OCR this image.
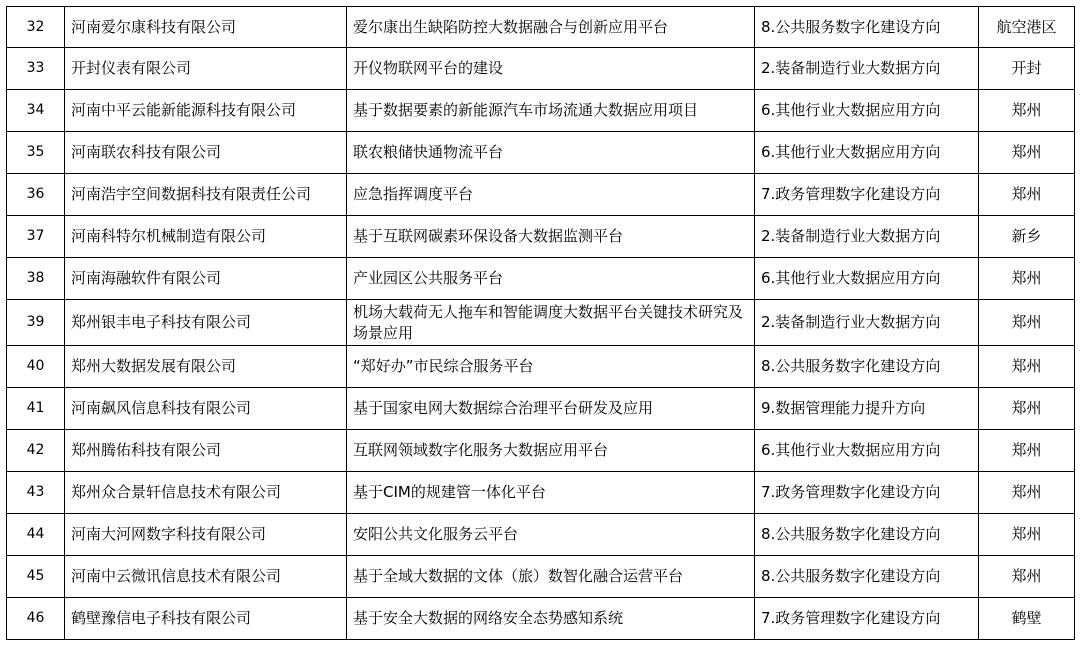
32	河南爱尔康科技有限公司	爱尔康出生缺陷防控大数据融合与创新应用平台	8.公共服务数字化建设方向	航空港区
33	开封仪表有限公司	开仪物联网平台的建设	2.装备制造行业大数据方向	开封
34	河南中平云能新能源科技有限公司	基于数据要素的新能源汽车市场流通大数据应用项目	6.其他行业大数据应用方向	郑州
35	河南联农科技有限公司	联农粮储快通物流平台	6.其他行业大数据应用方向	郑州
36	河南浩宇空间数据科技有限责任公司	应急指挥调度平台	7.政务管理数字化建设方向	郑州
37	河南科特尔机械制造有限公司	基于互联网碳素环保设备大数据监测平台	2.装备制造行业大数据方向	新乡
38	河南海融软件有限公司	产业园区公共服务平台	6.其他行业大数据应用方向	郑州
39	郑州银丰电子科技有限公司	机场大载荷无人拖车和智能调度大数据平台关键技术研究及场景应用	2.装备制造行业大数据方向	郑州
40	郑州大数据发展有限公司	“郑好办”市民综合服务平台	8.公共服务数字化建设方向	郑州
41	河南飙风信息科技有限公司	基于国家电网大数据综合治理平台研发及应用	9.数据管理能力提升方向	郑州
42	郑州腾佑科技有限公司	互联网领域数字化服务大数据应用平台	6.其他行业大数据应用方向	郑州
43	郑州众合景轩信息技术有限公司	基于CIM的规建管一体化平台	7.政务管理数字化建设方向	郑州
44	河南大河网数字科技有限公司	安阳公共文化服务云平台	8.公共服务数字化建设方向	郑州
45	河南中云微讯信息技术有限公司	基于全域大数据的文体（旅）数智化融合运营平台	8.公共服务数字化建设方向	郑州
46	鹤壁豫信电子科技有限公司	基于安全大数据的网络安全态势感知系统	7.政务管理数字化建设方向	鹤壁
